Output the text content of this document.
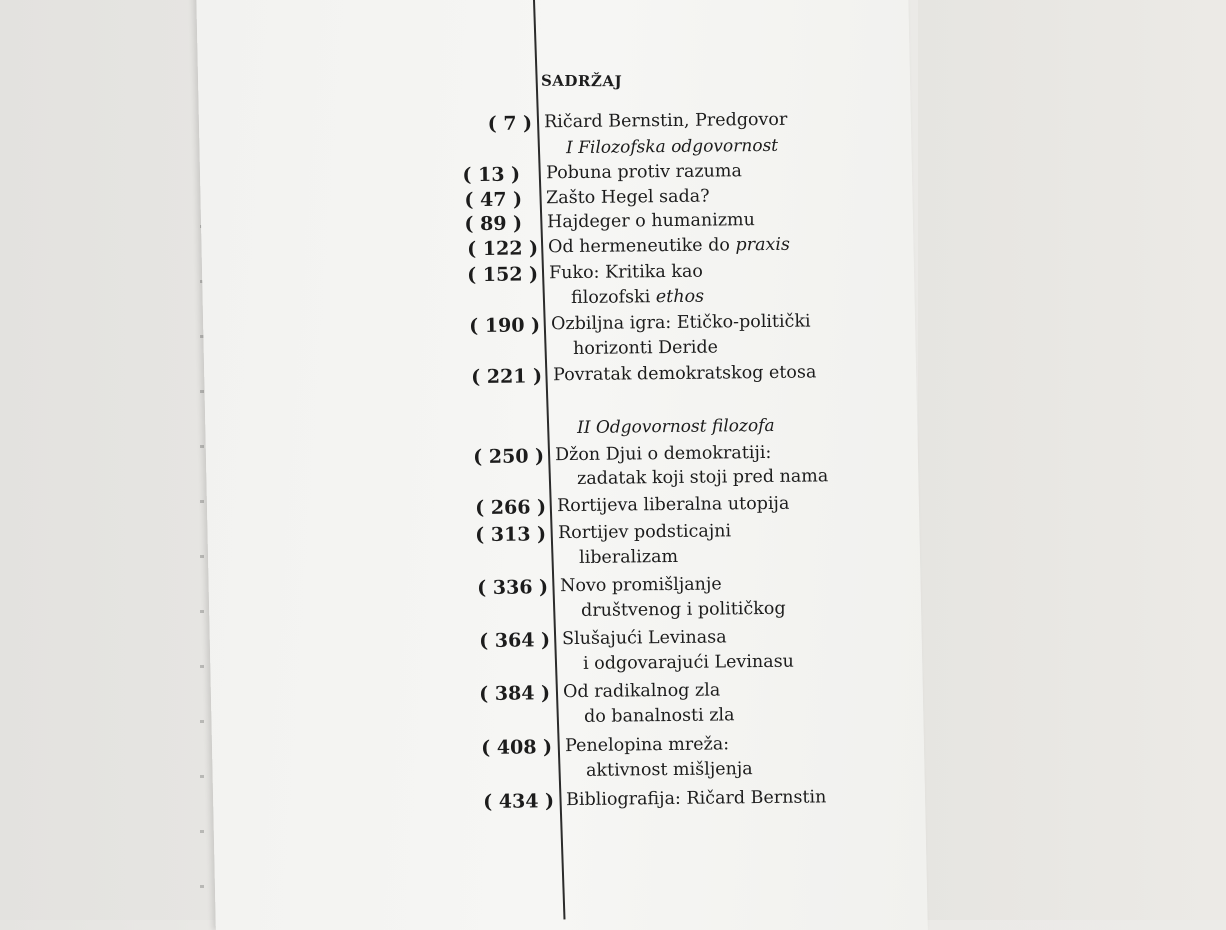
SADRŽAJ
( 7 ) Ričard Bernstin, Predgovor
I Filozofska odgovornost
( 13 ) Pobuna protiv razuma
( 47 ) Zašto Hegel sada?
( 89 ) Hajdeger o humanizmu
( 122 ) Od hermeneutike do praxis
( 152 ) Fuko: Kritika kao
filozofski ethos
( 190 ) Ozbiljna igra: Etičko-politički
horizonti Deride
( 221 ) Povratak demokratskog etosa
II Odgovornost filozofa
( 250 ) Džon Djui o demokratiji:
zadatak koji stoji pred nama
( 266 ) Rortijeva liberalna utopija
( 313 ) Rortijev podsticajni
liberalizam
( 336 ) Novo promišljanje
društvenog i političkog
( 364 ) Slušajući Levinasa
i odgovarajući Levinasu
( 384 ) Od radikalnog zla
do banalnosti zla
( 408 ) Penelopina mreža:
aktivnost mišljenja
( 434 ) Bibliografija: Ričard Bernstin
